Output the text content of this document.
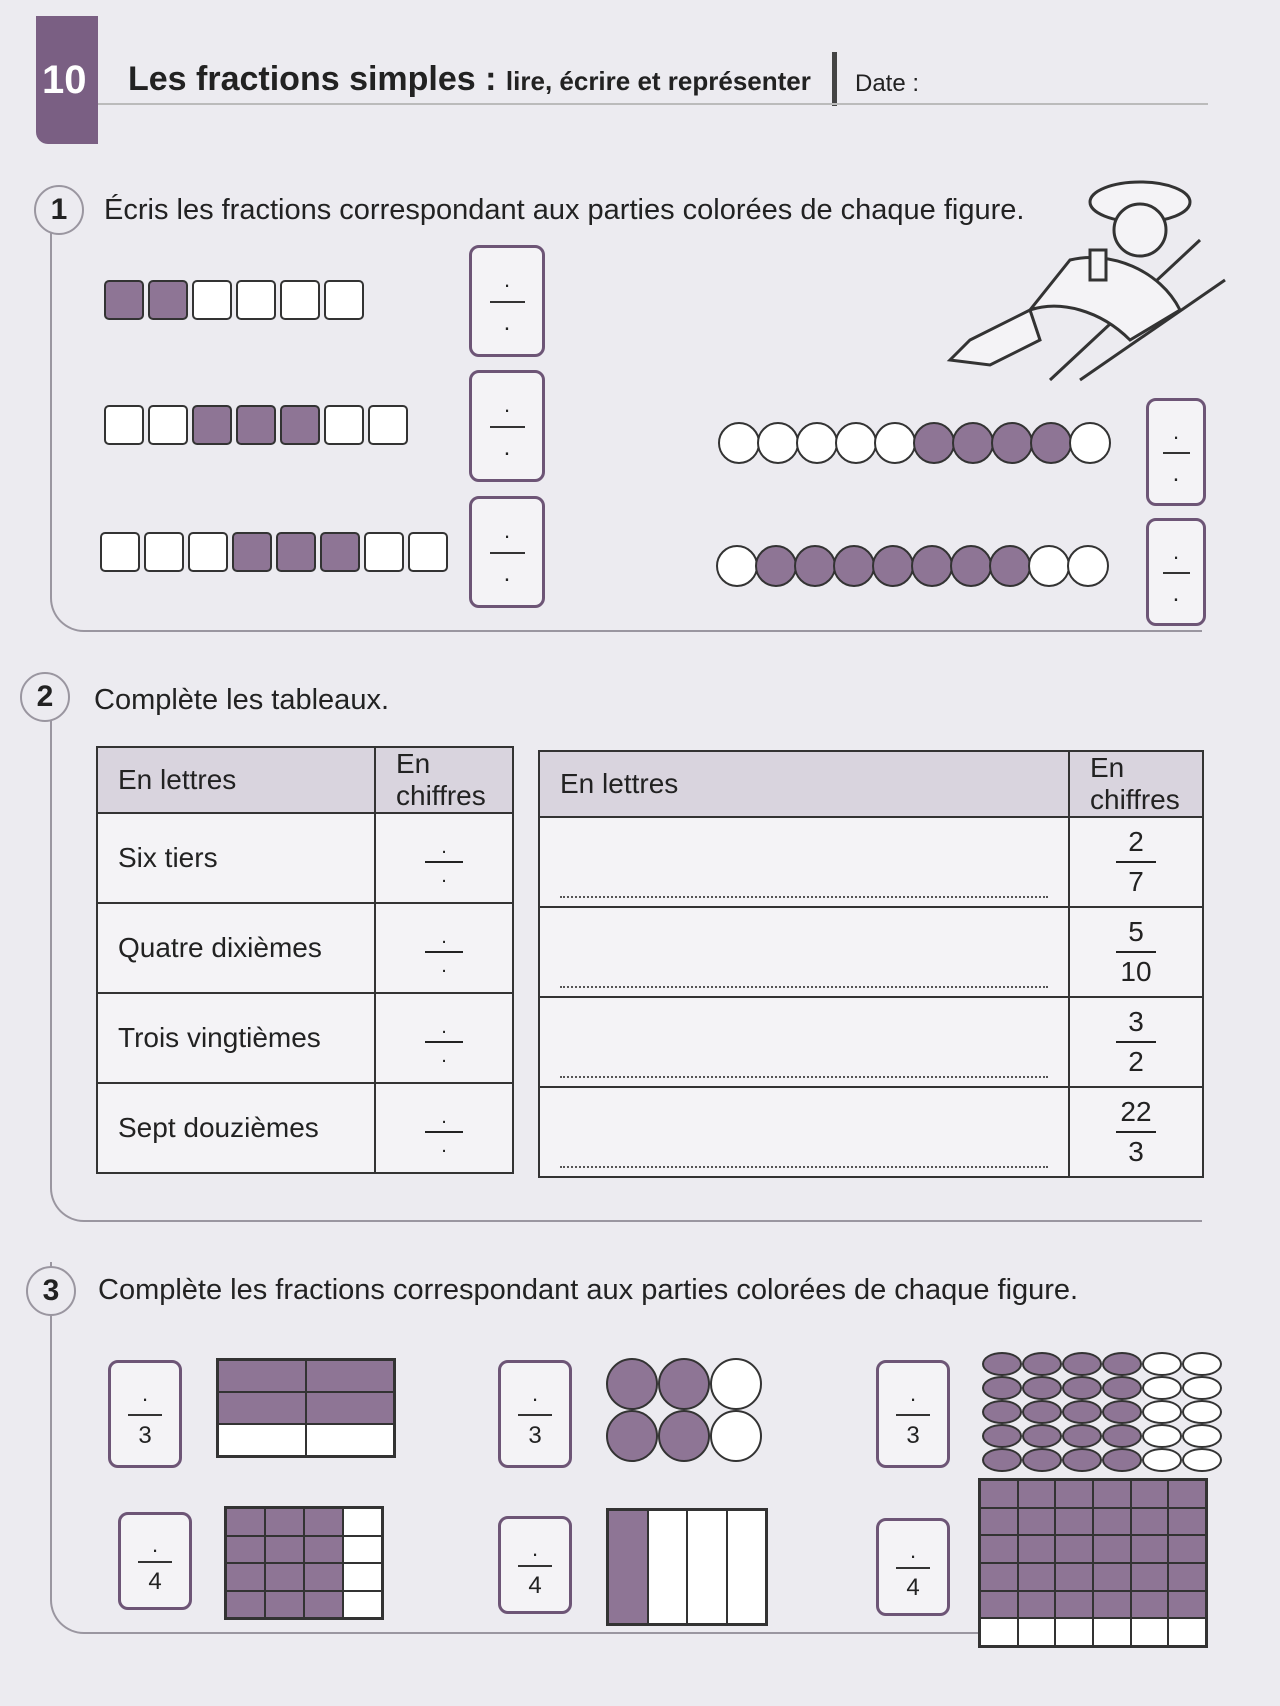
10 Les fractions simples : lire, écrire et représenter Date :
1	Écris les fractions correspondant aux parties colorées de chaque figure.
.
.
.
.
.
.
.
.
.
.
2	Complète les tableaux.
En lettres	En chiffres
Six tiers	.
.

Quatre dixièmes	.
.

Trois vingtièmes	.
.

Sept douzièmes	.
.
En lettres	En chiffres

	$\frac{2}{7}$

	$\frac{5}{10}$

	$\frac{3}{2}$

	$\frac{22}{3}$
3	Complète les fractions correspondant aux parties colorées de chaque figure.
.
3
.
3
.
3
.
4
.
4
.
4
